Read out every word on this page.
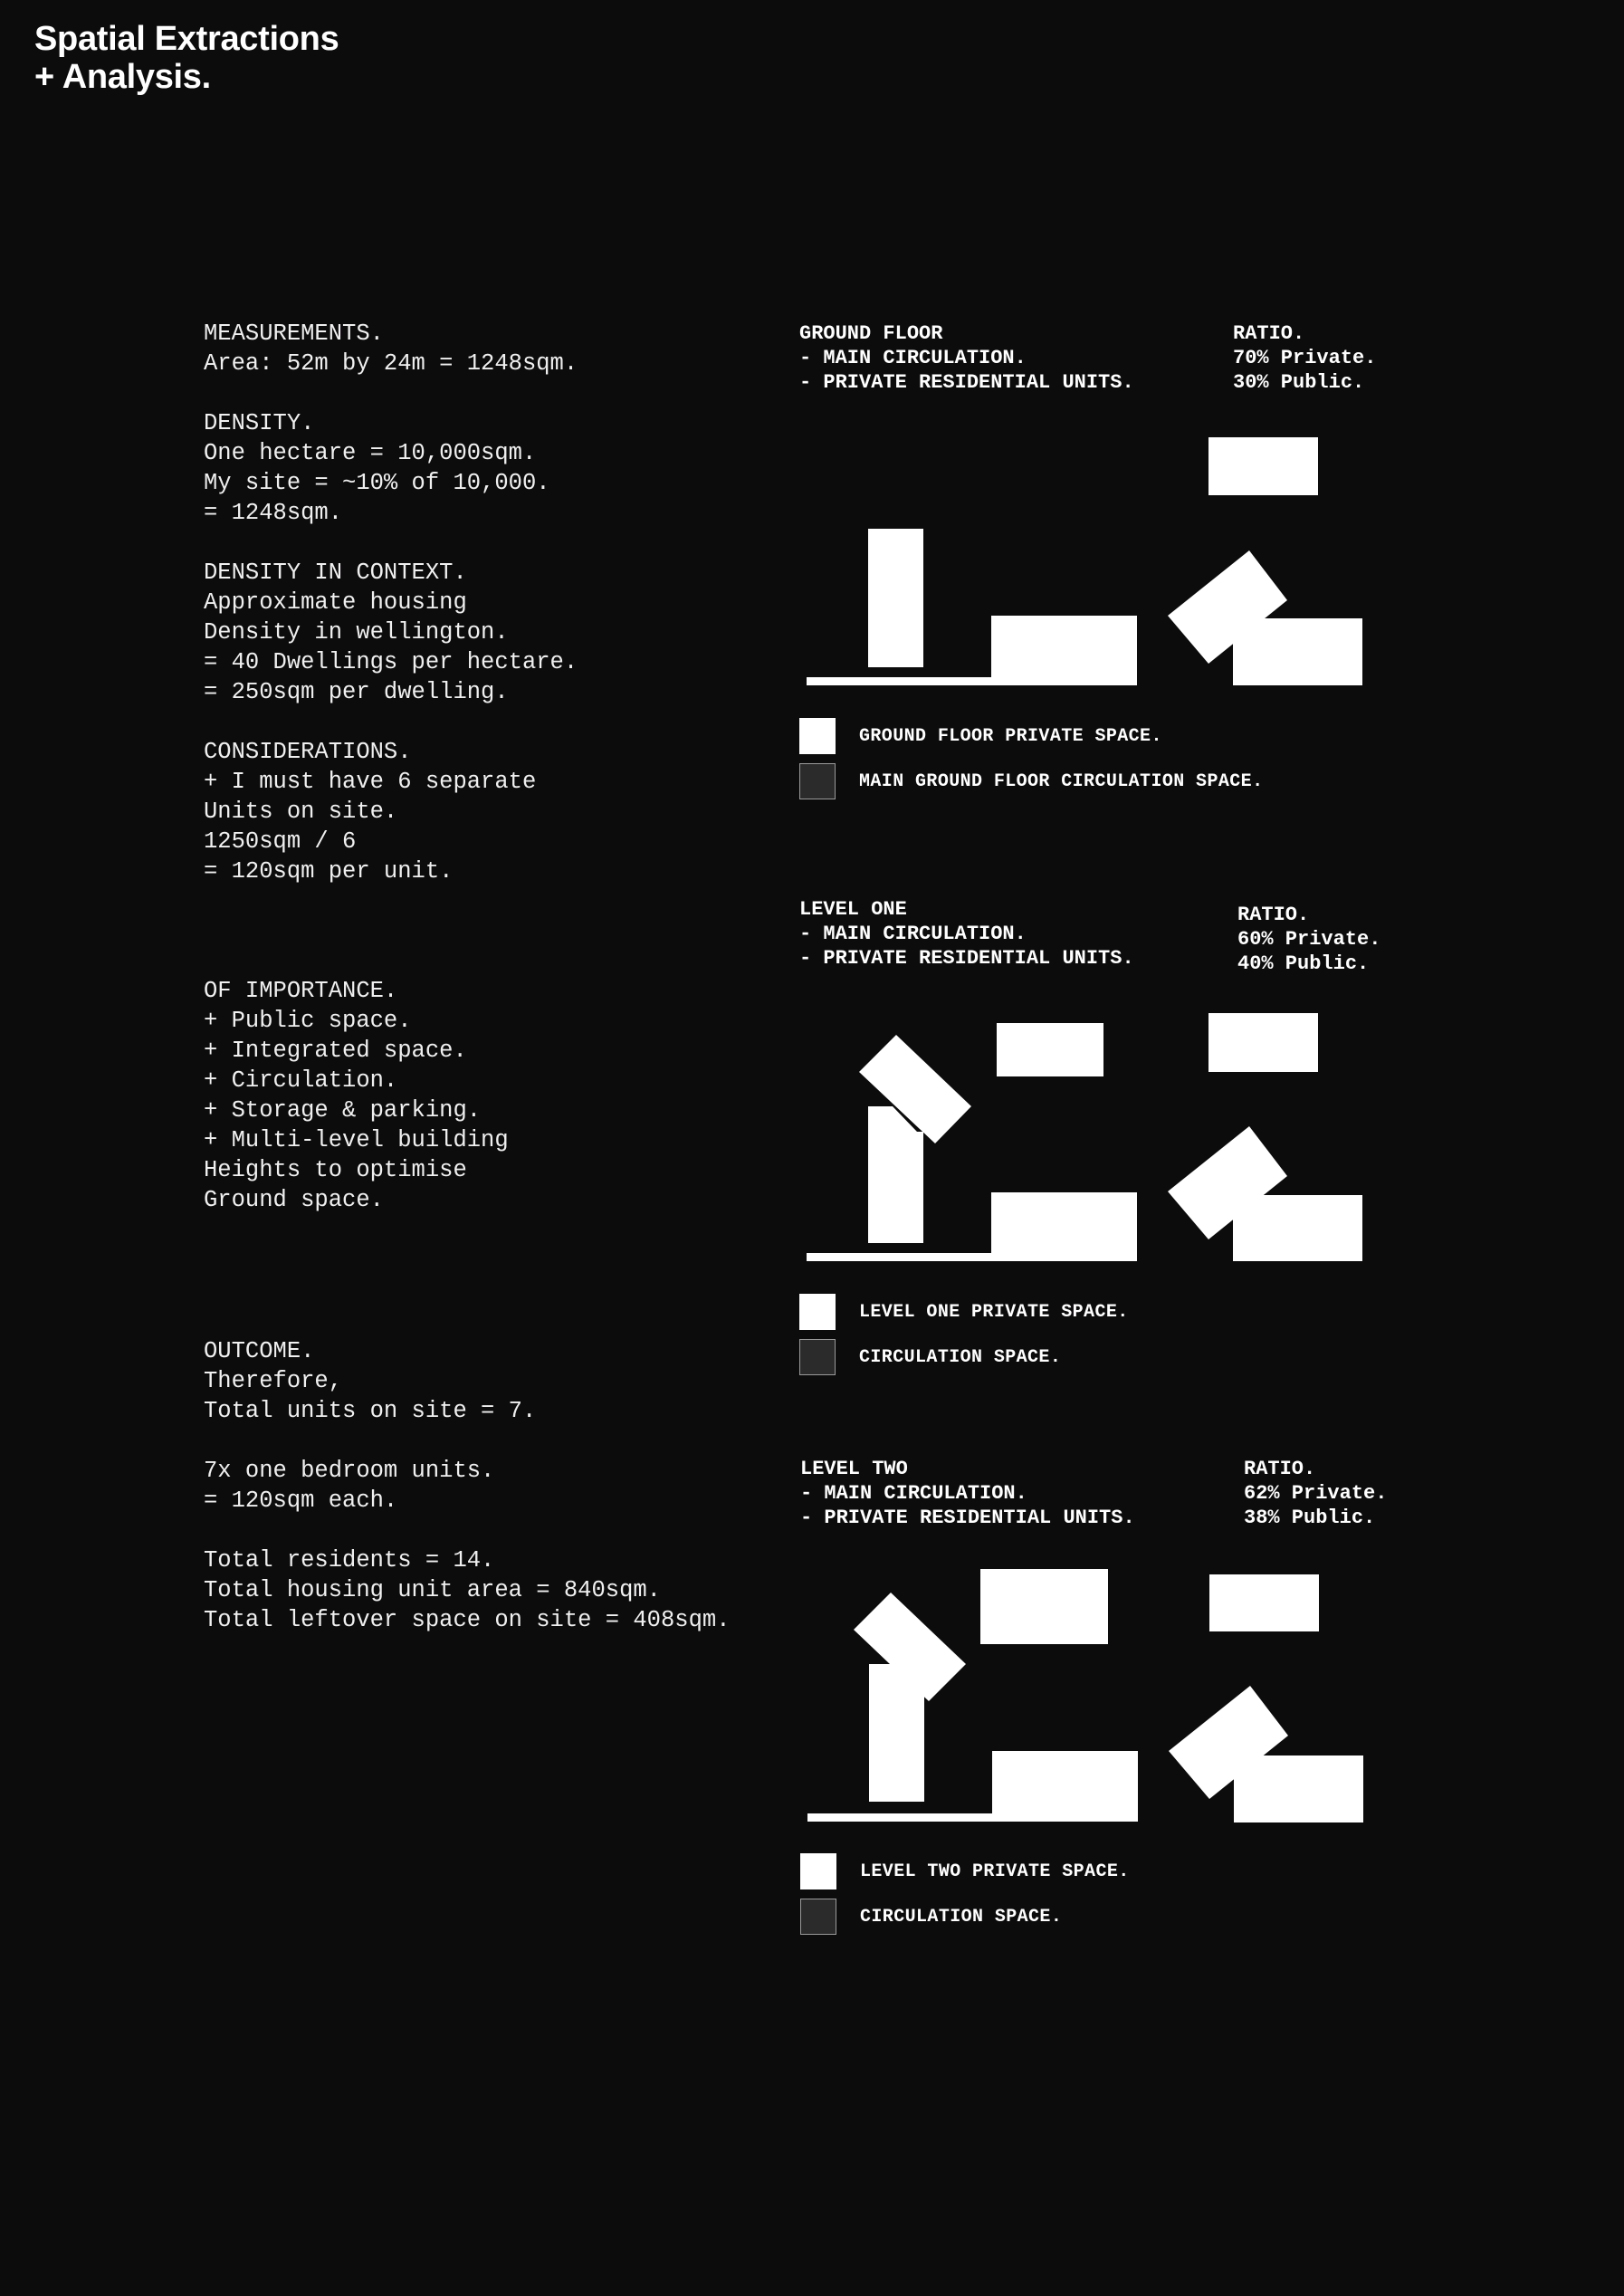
Spatial Extractions
+ Analysis.
MEASUREMENTS.
Area: 52m by 24m = 1248sqm.
DENSITY.
One hectare = 10,000sqm.
My site = ~10% of 10,000.
= 1248sqm.
DENSITY IN CONTEXT.
Approximate housing
Density in wellington.
= 40 Dwellings per hectare.
= 250sqm per dwelling.
CONSIDERATIONS.
+ I must have 6 separate
Units on site.
1250sqm / 6
= 120sqm per unit.
OF IMPORTANCE.
+ Public space.
+ Integrated space.
+ Circulation.
+ Storage & parking.
+ Multi-level building
Heights to optimise
Ground space.
OUTCOME.
Therefore,
Total units on site = 7.
7x one bedroom units.
= 120sqm each.
Total residents = 14.
Total housing unit area = 840sqm.
Total leftover space on site = 408sqm.
GROUND FLOOR
- MAIN CIRCULATION.
- PRIVATE RESIDENTIAL UNITS.
RATIO.
70% Private.
30% Public.
GROUND FLOOR PRIVATE SPACE.
MAIN GROUND FLOOR CIRCULATION SPACE.
LEVEL ONE
- MAIN CIRCULATION.
- PRIVATE RESIDENTIAL UNITS.
RATIO.
60% Private.
40% Public.
LEVEL ONE PRIVATE SPACE.
CIRCULATION SPACE.
LEVEL TWO
- MAIN CIRCULATION.
- PRIVATE RESIDENTIAL UNITS.
RATIO.
62% Private.
38% Public.
LEVEL TWO PRIVATE SPACE.
CIRCULATION SPACE.
